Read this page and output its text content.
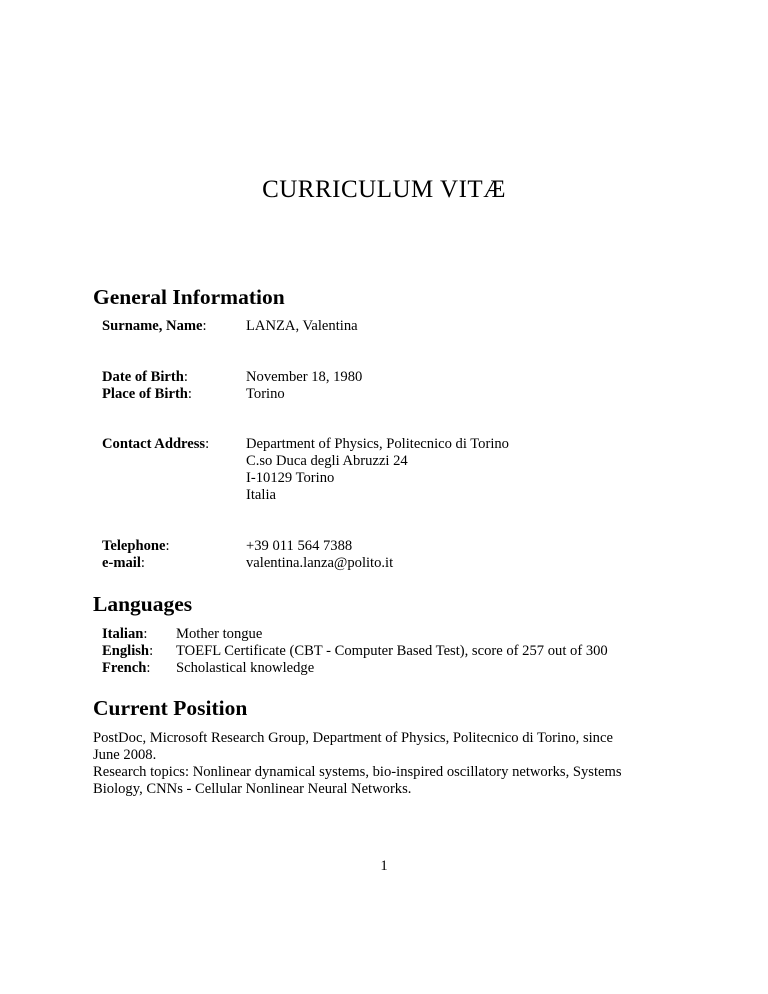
CURRICULUM VITÆ
General Information
Surname, Name:	LANZA, Valentina
Date of Birth:	November 18, 1980
Place of Birth:	Torino
Contact Address:	Department of Physics, Politecnico di Torino
C.so Duca degli Abruzzi 24
I-10129 Torino
Italia
Telephone:	+39 011 564 7388
e-mail:	valentina.lanza@polito.it
Languages
Italian: Mother tongue
English: TOEFL Certificate (CBT - Computer Based Test), score of 257 out of 300
French: Scholastical knowledge
Current Position
PostDoc, Microsoft Research Group, Department of Physics, Politecnico di Torino, since
June 2008.
Research topics: Nonlinear dynamical systems, bio-inspired oscillatory networks, Systems
Biology, CNNs - Cellular Nonlinear Neural Networks.
1
